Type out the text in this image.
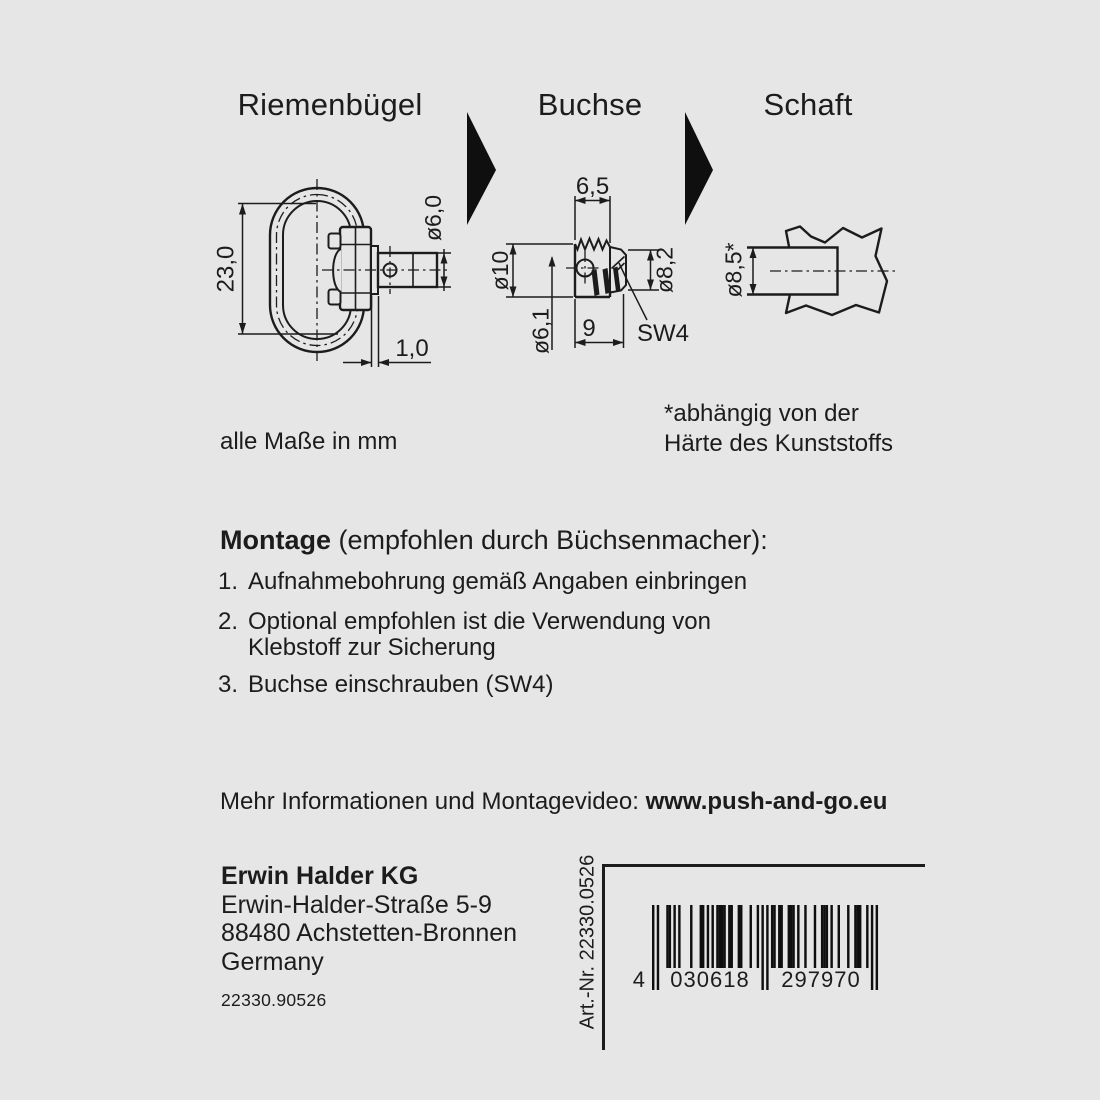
Riemenbügel	Buchse	Schaft
23,0
ø6,0
1,0
6,5
ø10	ø8,2
ø6,1 9 SW4
ø8,5*
alle Maße in mm
*abhängig von der
Härte des Kunststoffs
Montage (empfohlen durch Büchsenmacher):
1. Aufnahmebohrung gemäß Angaben einbringen
2. Optional empfohlen ist die Verwendung von
Klebstoff zur Sicherung
3. Buchse einschrauben (SW4)
Mehr Informationen und Montagevideo: www.push-and-go.eu
Erwin Halder KG
Erwin-Halder-Straße 5-9
88480 Achstetten-Bronnen
Germany
22330.90526	Art.-Nr. 22330.0526 4 030618 297970
